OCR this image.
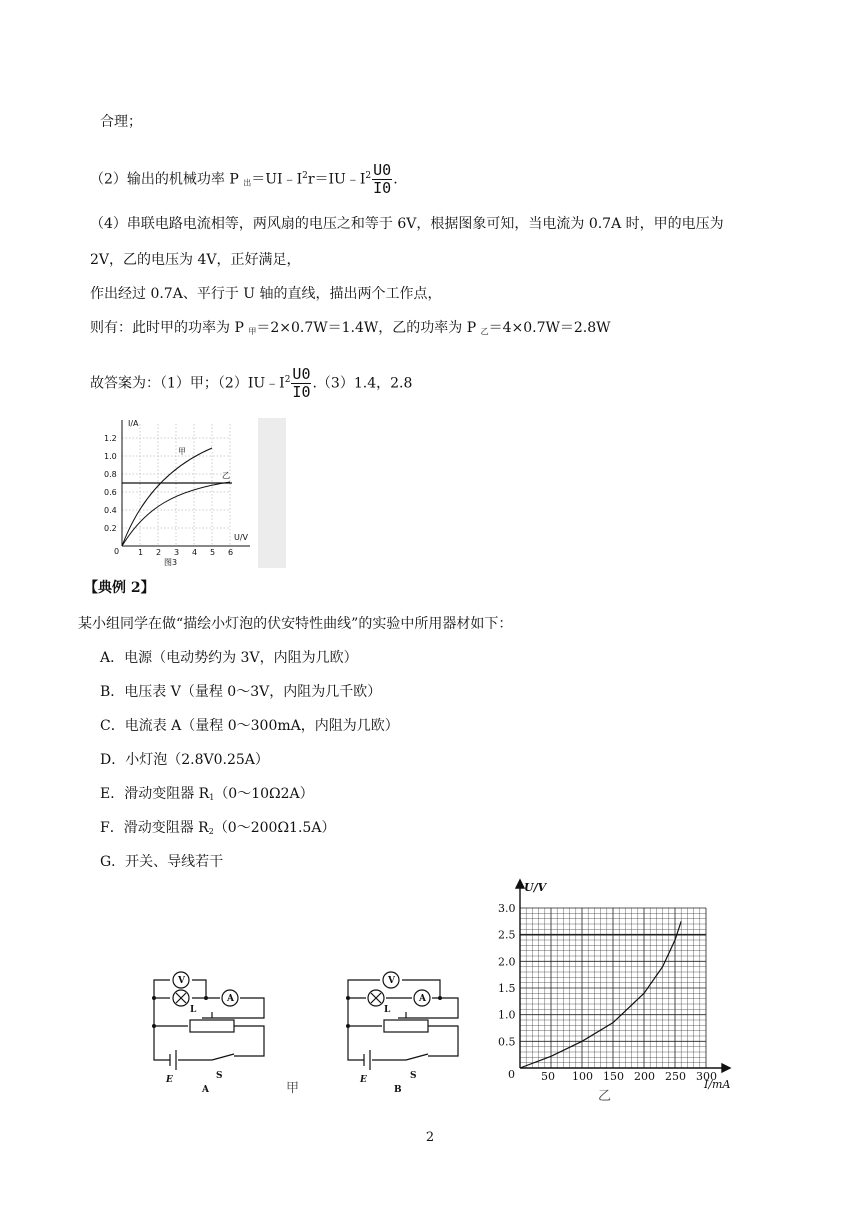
合理；
（2）输出的机械功率 P $_出=UI﹣I^2r=IU﹣I^2 \frac{U0}{I0}$ .
（4）串联电路电流相等，两风扇的电压之和等于 6V，根据图象可知，当电流为 0.7A 时，甲的电压为
2V，乙的电压为 4V，正好满足，
作出经过 0.7A、平行于 U 轴的直线，描出两个工作点，
则有：此时甲的功率为 P $_甲$＝2×0.7W＝1.4W，乙的功率为 P $_乙$＝4×0.7W＝2.8W
故答案为：（1）甲；$(2)IU﹣I^2 \frac{U0}{I0} .(3)1.4$，2.8
I/A
U/V
1.2
1.0
0.8
0.6
0.4
0.2
0 1 2 3 4 5 6
甲
乙
图3
【典例 2】
某小组同学在做“描绘小灯泡的伏安特性曲线”的实验中所用器材如下：
A．电源（电动势约为 3V，内阻为几欧）
B．电压表 V（量程 0～3V，内阻为几千欧）
C．电流表 A（量程 0～300mA，内阻为几欧）
D．小灯泡（2.8V0.25A）
E．滑动变阻器 $R_1(0\sim 10\Omega 2A)$
F．滑动变阻器 $R_2(0\sim 200\Omega 1.5A)$
G．开关、导线若干
V
A
L
E	S
A
V
A
L
E	S
B
甲
U/V
I/mA
0
0.5
1.0
1.5
2.0
2.5
3.0
50 100 150 200 250 300
乙
2
